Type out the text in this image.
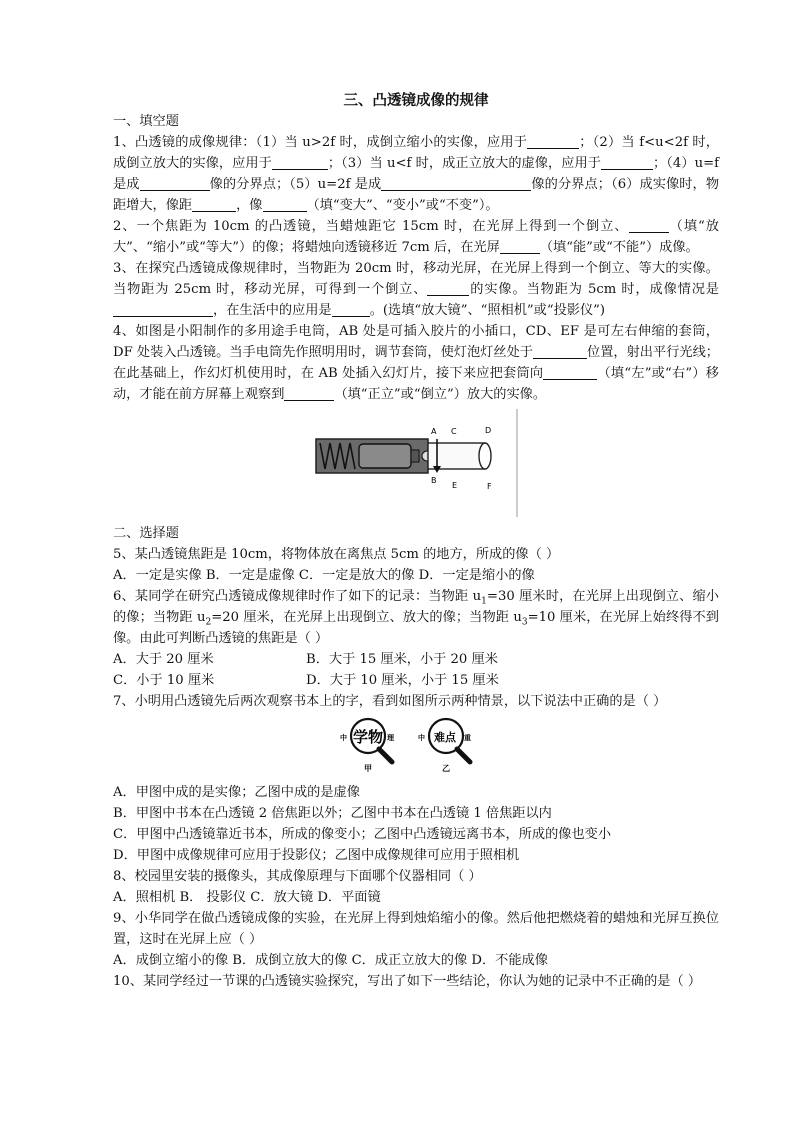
三、凸透镜成像的规律
一、填空题

1、凸透镜的成像规律：（1）当 u>2f 时，成倒立缩小的实像，应用于	；（2）当 f<u<2f 时，成倒立放大的实像，应用于	；（3）当 u<f 时，成正立放大的虚像，应用于	；（4）u=f 是成	像的分界点；（5）u=2f 是成	像的分界点；（6）成实像时，物距增大，像距	，像	（填“变大”、“变小”或“不变”）。

2、一个焦距为 10cm 的凸透镜，当蜡烛距它 15cm 时，在光屏上得到一个倒立、	（填“放大”、“缩小”或“等大”）的像；将蜡烛向透镜移近 7cm 后，在光屏	（填“能”或“不能”）成像。

3、在探究凸透镜成像规律时，当物距为 20cm 时，移动光屏，在光屏上得到一个倒立、等大的实像。当物距为 25cm 时，移动光屏，可得到一个倒立、	的实像。当物距为 5cm 时，成像情况是，在生活中的应用是	。(选填“放大镜”、“照相机”或“投影仪”)

4、如图是小阳制作的多用途手电筒，AB 处是可插入胶片的小插口，CD、EF 是可左右伸缩的套筒，DF 处装入凸透镜。当手电筒先作照明用时，调节套筒，使灯泡灯丝处于	位置，射出平行光线；在此基础上，作幻灯机使用时，在 AB 处插入幻灯片，接下来应把套筒向	（填“左”或“右”）移动，才能在前方屏幕上观察到	（填“正立”或“倒立”）放大的实像。

A
B
C
E
D
F
二、选择题

5、某凸透镜焦距是 10cm，将物体放在离焦点 5cm 的地方，所成的像（ ）

A．一定是实像 B．一定是虚像 C．一定是放大的像 D．一定是缩小的像

6、某同学在研究凸透镜成像规律时作了如下的记录：当物距 $u_1=30$ 厘米时，在光屏上出现倒立、缩小的像；当物距 $u_2=20$ 厘米，在光屏上出现倒立、放大的像；当物距 $u_3=10$ 厘米，在光屏上始终得不到像。由此可判断凸透镜的焦距是（ ）

A．大于 20 厘米	B．大于 15 厘米，小于 20 厘米
C．小于 10 厘米	D．大于 10 厘米，小于 15 厘米

7、小明用凸透镜先后两次观察书本上的字，看到如图所示两种情景，以下说法中正确的是（ ）

中 学物 理
甲
中 难点 重
乙

A．甲图中成的是实像；乙图中成的是虚像

B．甲图中书本在凸透镜 2 倍焦距以外；乙图中书本在凸透镜 1 倍焦距以内

C．甲图中凸透镜靠近书本，所成的像变小；乙图中凸透镜远离书本，所成的像也变小

D．甲图中成像规律可应用于投影仪；乙图中成像规律可应用于照相机

8、校园里安装的摄像头，其成像原理与下面哪个仪器相同（ ）

A．照相机 B． 投影仪 C．放大镜 D．平面镜

9、小华同学在做凸透镜成像的实验，在光屏上得到烛焰缩小的像。然后他把燃烧着的蜡烛和光屏互换位置，这时在光屏上应（ ）

A．成倒立缩小的像 B．成倒立放大的像 C．成正立放大的像 D．不能成像

10、某同学经过一节课的凸透镜实验探究，写出了如下一些结论，你认为她的记录中不正确的是（ ）
